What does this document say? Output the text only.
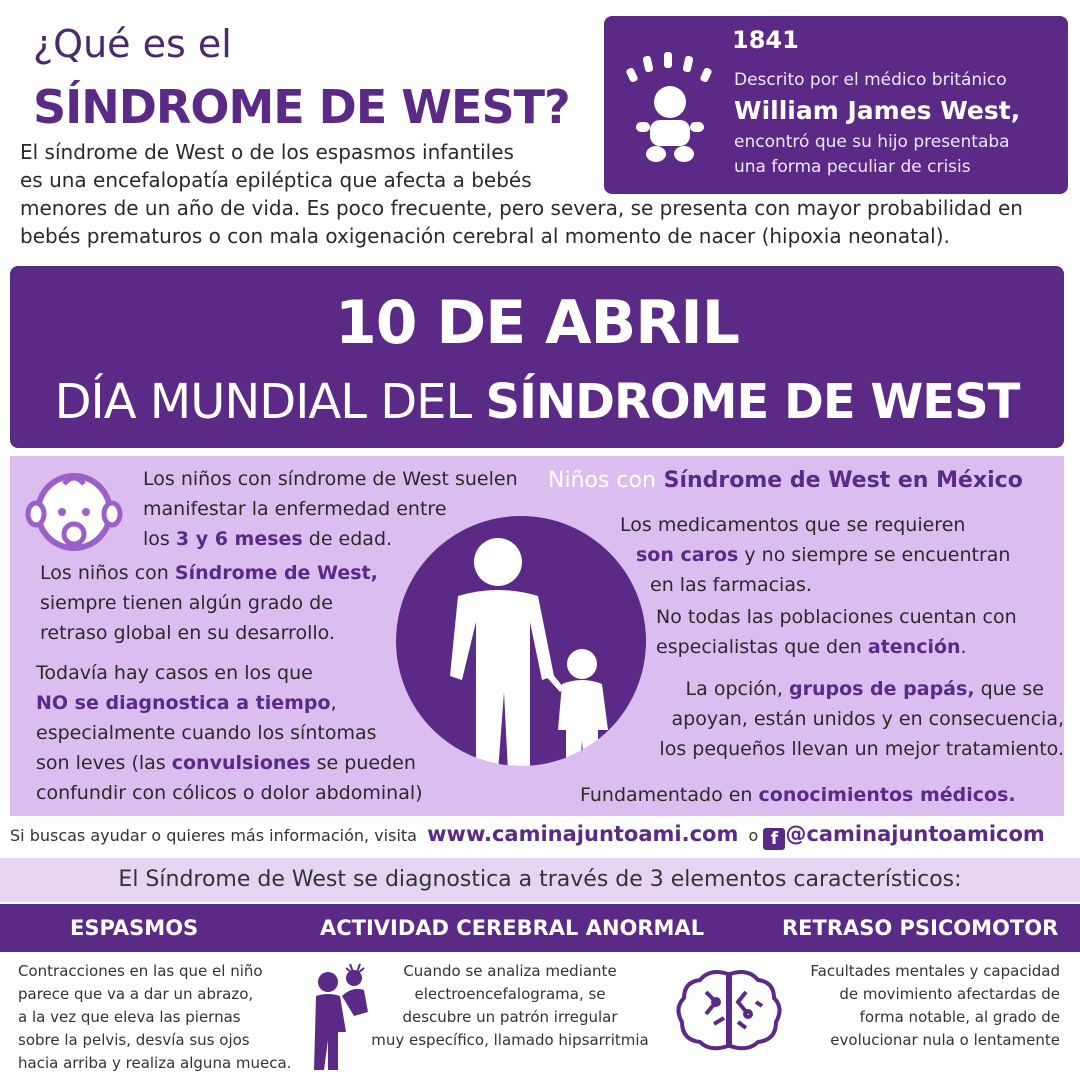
¿Qué es el
SÍNDROME DE WEST?
El síndrome de West o de los espasmos infantiles
es una encefalopatía epiléptica que afecta a bebés
menores de un año de vida. Es poco frecuente, pero severa, se presenta con mayor probabilidad en
bebés prematuros o con mala oxigenación cerebral al momento de nacer (hipoxia neonatal).
1841
Descrito por el médico británico
William James West,
encontró que su hijo presentaba
una forma peculiar de crisis
10 DE ABRIL
DÍA MUNDIAL DEL SÍNDROME DE WEST
Los niños con síndrome de West suelen
manifestar la enfermedad entre
los 3 y 6 meses de edad.
Los niños con Síndrome de West,
siempre tienen algún grado de
retraso global en su desarrollo.
Todavía hay casos en los que
NO se diagnostica a tiempo,
especialmente cuando los síntomas
son leves (las convulsiones se pueden
confundir con cólicos o dolor abdominal)
Niños con Síndrome de West en México
Los medicamentos que se requieren
son caros y no siempre se encuentran
en las farmacias.
No todas las poblaciones cuentan con
especialistas que den atención.
La opción, grupos de papás, que se
apoyan, están unidos y en consecuencia,
los pequeños llevan un mejor tratamiento.
Fundamentado en conocimientos médicos.
Si buscas ayudar o quieres más información, visita www.caminajuntoami.com o f @caminajuntoamicom
El Síndrome de West se diagnostica a través de 3 elementos característicos:
ESPASMOS	ACTIVIDAD CEREBRAL ANORMAL	RETRASO PSICOMOTOR
Contracciones en las que el niño
parece que va a dar un abrazo,
a la vez que eleva las piernas
sobre la pelvis, desvía sus ojos
hacia arriba y realiza alguna mueca.
Cuando se analiza mediante
electroencefalograma, se
descubre un patrón irregular
muy específico, llamado hipsarritmia
Facultades mentales y capacidad
de movimiento afectardas de
forma notable, al grado de
evolucionar nula o lentamente
